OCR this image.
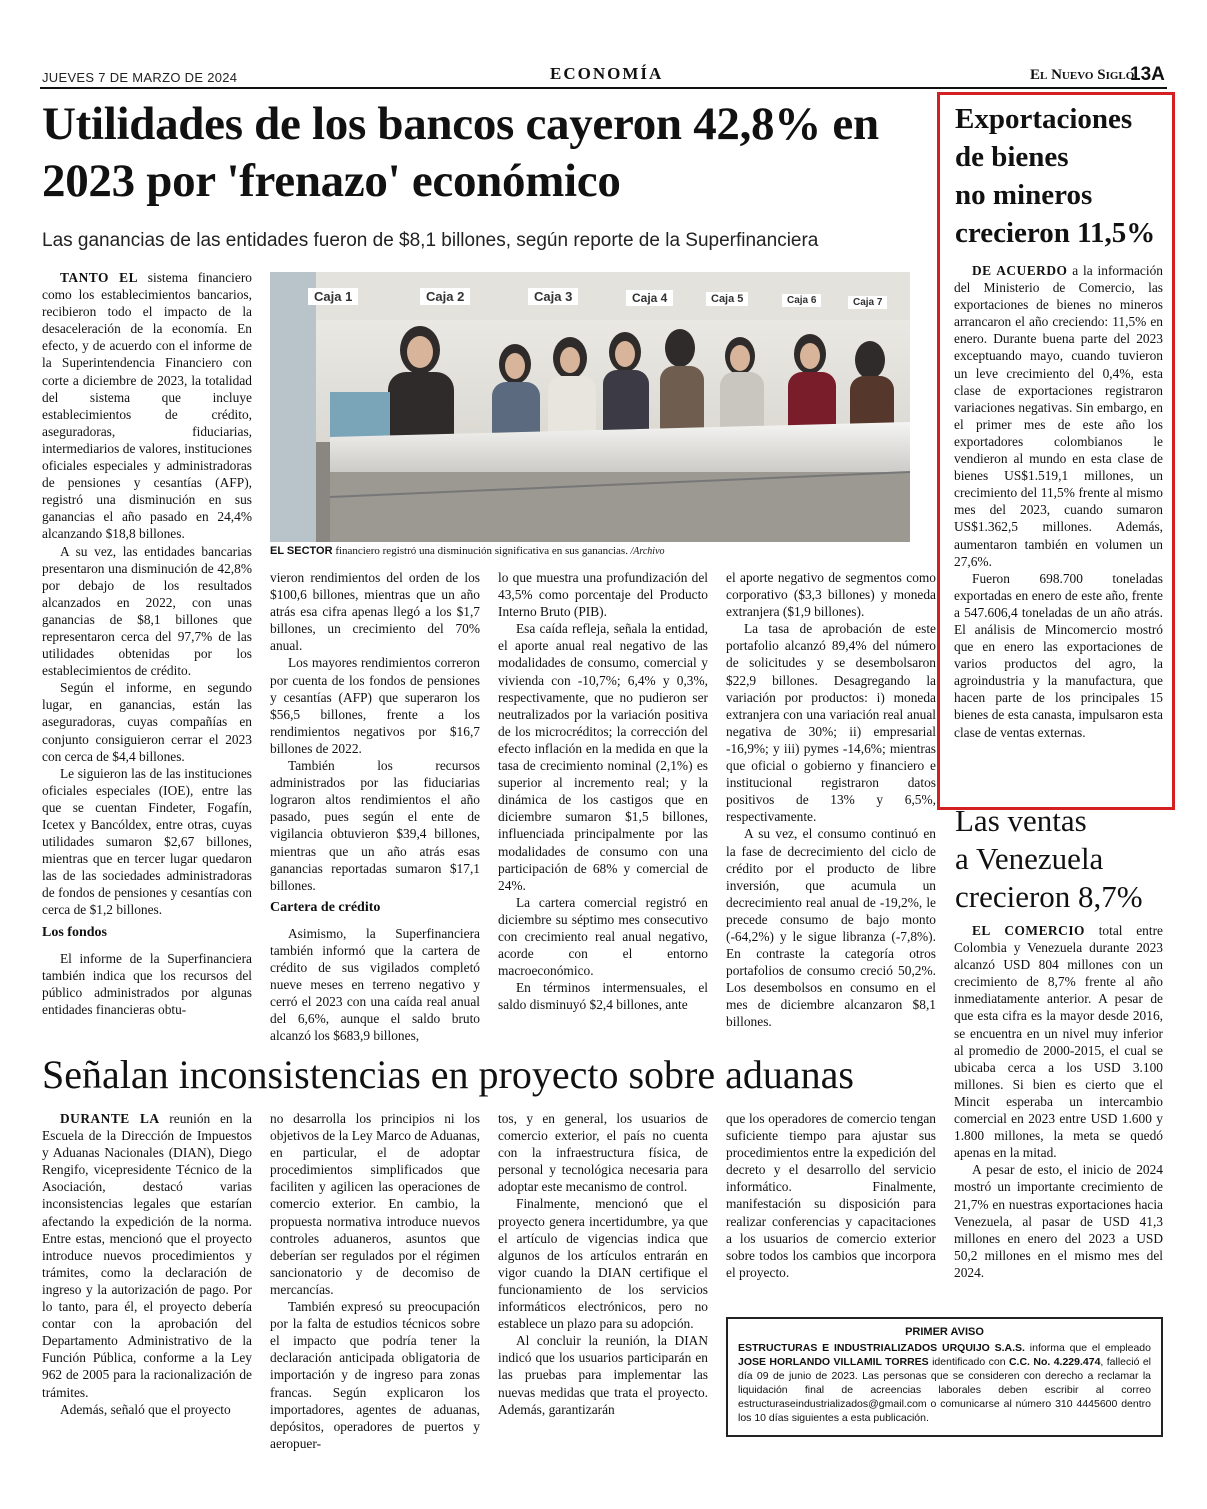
JUEVES 7 DE MARZO DE 2024	ECONOMÍA	El Nuevo Siglo
13A
Utilidades de los bancos cayeron 42,8% en 2023 por 'frenazo' económico
Las ganancias de las entidades fueron de $8,1 billones, según reporte de la Superfinanciera

TANTO EL sistema financiero como los establecimientos bancarios, recibieron todo el impacto de la desaceleración de la economía. En efecto, y de acuerdo con el informe de la Superintendencia Financiero con corte a diciembre de 2023, la totalidad del sistema que incluye establecimientos de crédito, aseguradoras, fiduciarias, intermediarios de valores, instituciones oficiales especiales y administradoras de pensiones y cesantías (AFP), registró una disminución en sus ganancias el año pasado en 24,4% alcanzando $18,8 billones.

A su vez, las entidades bancarias presentaron una disminución de 42,8% por debajo de los resultados alcanzados en 2022, con unas ganancias de $8,1 billones que representaron cerca del 97,7% de las utilidades obtenidas por los establecimientos de crédito.

Según el informe, en segundo lugar, en ganancias, están las aseguradoras, cuyas compañías en conjunto consiguieron cerrar el 2023 con cerca de $4,4 billones.

Le siguieron las de las instituciones oficiales especiales (IOE), entre las que se cuentan Findeter, Fogafín, Icetex y Bancóldex, entre otras, cuyas utilidades sumaron $2,67 billones, mientras que en tercer lugar quedaron las de las sociedades administradoras de fondos de pensiones y cesantías con cerca de $1,2 billones.

Los fondos

El informe de la Superfinanciera también indica que los recursos del público administrados por algunas entidades financieras obtu-

Caja 1	Caja 2	Caja 3	Caja 4	Caja 5	Caja 6	Caja 7
EL SECTOR financiero registró una disminución significativa en sus ganancias. /Archivo

vieron rendimientos del orden de los $100,6 billones, mientras que un año atrás esa cifra apenas llegó a los $1,7 billones, un crecimiento del 70% anual.

Los mayores rendimientos correron por cuenta de los fondos de pensiones y cesantías (AFP) que superaron los $56,5 billones, frente a los rendimientos negativos por $16,7 billones de 2022.

También los recursos administrados por las fiduciarias lograron altos rendimientos el año pasado, pues según el ente de vigilancia obtuvieron $39,4 billones, mientras que un año atrás esas ganancias reportadas sumaron $17,1 billones.

Cartera de crédito

Asimismo, la Superfinanciera también informó que la cartera de crédito de sus vigilados completó nueve meses en terreno negativo y cerró el 2023 con una caída real anual del 6,6%, aunque el saldo bruto alcanzó los $683,9 billones,

lo que muestra una profundización del 43,5% como porcentaje del Producto Interno Bruto (PIB).

Esa caída refleja, señala la entidad, el aporte anual real negativo de las modalidades de consumo, comercial y vivienda con -10,7%; 6,4% y 0,3%, respectivamente, que no pudieron ser neutralizados por la variación positiva de los microcréditos; la corrección del efecto inflación en la medida en que la tasa de crecimiento nominal (2,1%) es superior al incremento real; y la dinámica de los castigos que en diciembre sumaron $1,5 billones, influenciada principalmente por las modalidades de consumo con una participación de 68% y comercial de 24%.

La cartera comercial registró en diciembre su séptimo mes consecutivo con crecimiento real anual negativo, acorde con el entorno macroeconómico.

En términos intermensuales, el saldo disminuyó $2,4 billones, ante

el aporte negativo de segmentos como corporativo ($3,3 billones) y moneda extranjera ($1,9 billones).

La tasa de aprobación de este portafolio alcanzó 89,4% del número de solicitudes y se desembolsaron $22,9 billones. Desagregando la variación por productos: i) moneda extranjera con una variación real anual negativa de 30%; ii) empresarial -16,9%; y iii) pymes -14,6%; mientras que oficial o gobierno y financiero e institucional registraron datos positivos de 13% y 6,5%, respectivamente.

A su vez, el consumo continuó en la fase de decrecimiento del ciclo de crédito por el producto de libre inversión, que acumula un decrecimiento real anual de -19,2%, le precede consumo de bajo monto (-64,2%) y le sigue libranza (-7,8%). En contraste la categoría otros portafolios de consumo creció 50,2%. Los desembolsos en consumo en el mes de diciembre alcanzaron $8,1 billones.

Exportaciones
de bienes
no mineros
crecieron 11,5%

DE ACUERDO a la información del Ministerio de Comercio, las exportaciones de bienes no mineros arrancaron el año creciendo: 11,5% en enero. Durante buena parte del 2023 exceptuando mayo, cuando tuvieron un leve crecimiento del 0,4%, esta clase de exportaciones registraron variaciones negativas. Sin embargo, en el primer mes de este año los exportadores colombianos le vendieron al mundo en esta clase de bienes US$1.519,1 millones, un crecimiento del 11,5% frente al mismo mes del 2023, cuando sumaron US$1.362,5 millones. Además, aumentaron también en volumen un 27,6%.

Fueron 698.700 toneladas exportadas en enero de este año, frente a 547.606,4 toneladas de un año atrás. El análisis de Mincomercio mostró que en enero las exportaciones de varios productos del agro, la agroindustria y la manufactura, que hacen parte de los principales 15 bienes de esta canasta, impulsaron esta clase de ventas externas.

Las ventas
a Venezuela
crecieron 8,7%

EL COMERCIO total entre Colombia y Venezuela durante 2023 alcanzó USD 804 millones con un crecimiento de 8,7% frente al año inmediatamente anterior. A pesar de que esta cifra es la mayor desde 2016, se encuentra en un nivel muy inferior al promedio de 2000-2015, el cual se ubicaba cerca a los USD 3.100 millones. Si bien es cierto que el Mincit esperaba un intercambio comercial en 2023 entre USD 1.600 y 1.800 millones, la meta se quedó apenas en la mitad.

A pesar de esto, el inicio de 2024 mostró un importante crecimiento de 21,7% en nuestras exportaciones hacia Venezuela, al pasar de USD 41,3 millones en enero del 2023 a USD 50,2 millones en el mismo mes del 2024.

Señalan inconsistencias en proyecto sobre aduanas

DURANTE LA reunión en la Escuela de la Dirección de Impuestos y Aduanas Nacionales (DIAN), Diego Rengifo, vicepresidente Técnico de la Asociación, destacó varias inconsistencias legales que estarían afectando la expedición de la norma. Entre estas, mencionó que el proyecto introduce nuevos procedimientos y trámites, como la declaración de ingreso y la autorización de pago. Por lo tanto, para él, el proyecto debería contar con la aprobación del Departamento Administrativo de la Función Pública, conforme a la Ley 962 de 2005 para la racionalización de trámites.

Además, señaló que el proyecto

no desarrolla los principios ni los objetivos de la Ley Marco de Aduanas, en particular, el de adoptar procedimientos simplificados que faciliten y agilicen las operaciones de comercio exterior. En cambio, la propuesta normativa introduce nuevos controles aduaneros, asuntos que deberían ser regulados por el régimen sancionatorio y de decomiso de mercancías.

También expresó su preocupación por la falta de estudios técnicos sobre el impacto que podría tener la declaración anticipada obligatoria de importación y de ingreso para zonas francas. Según explicaron los importadores, agentes de aduanas, depósitos, operadores de puertos y aeropuer-

tos, y en general, los usuarios de comercio exterior, el país no cuenta con la infraestructura física, de personal y tecnológica necesaria para adoptar este mecanismo de control.

Finalmente, mencionó que el proyecto genera incertidumbre, ya que el artículo de vigencias indica que algunos de los artículos entrarán en vigor cuando la DIAN certifique el funcionamiento de los servicios informáticos electrónicos, pero no establece un plazo para su adopción.

Al concluir la reunión, la DIAN indicó que los usuarios participarán en las pruebas para implementar las nuevas medidas que trata el proyecto. Además, garantizarán

que los operadores de comercio tengan suficiente tiempo para ajustar sus procedimientos entre la expedición del decreto y el desarrollo del servicio informático. Finalmente, manifestación su disposición para realizar conferencias y capacitaciones a los usuarios de comercio exterior sobre todos los cambios que incorpora el proyecto.

PRIMER AVISO
ESTRUCTURAS E INDUSTRIALIZADOS URQUIJO S.A.S. informa que el empleado JOSE HORLANDO VILLAMIL TORRES identificado con C.C. No. 4.229.474, falleció el día 09 de junio de 2023. Las personas que se consideren con derecho a reclamar la liquidación final de acreencias laborales deben escribir al correo estructuraseindustrializados@gmail.com o comunicarse al número 310 4445600 dentro los 10 días siguientes a esta publicación.
